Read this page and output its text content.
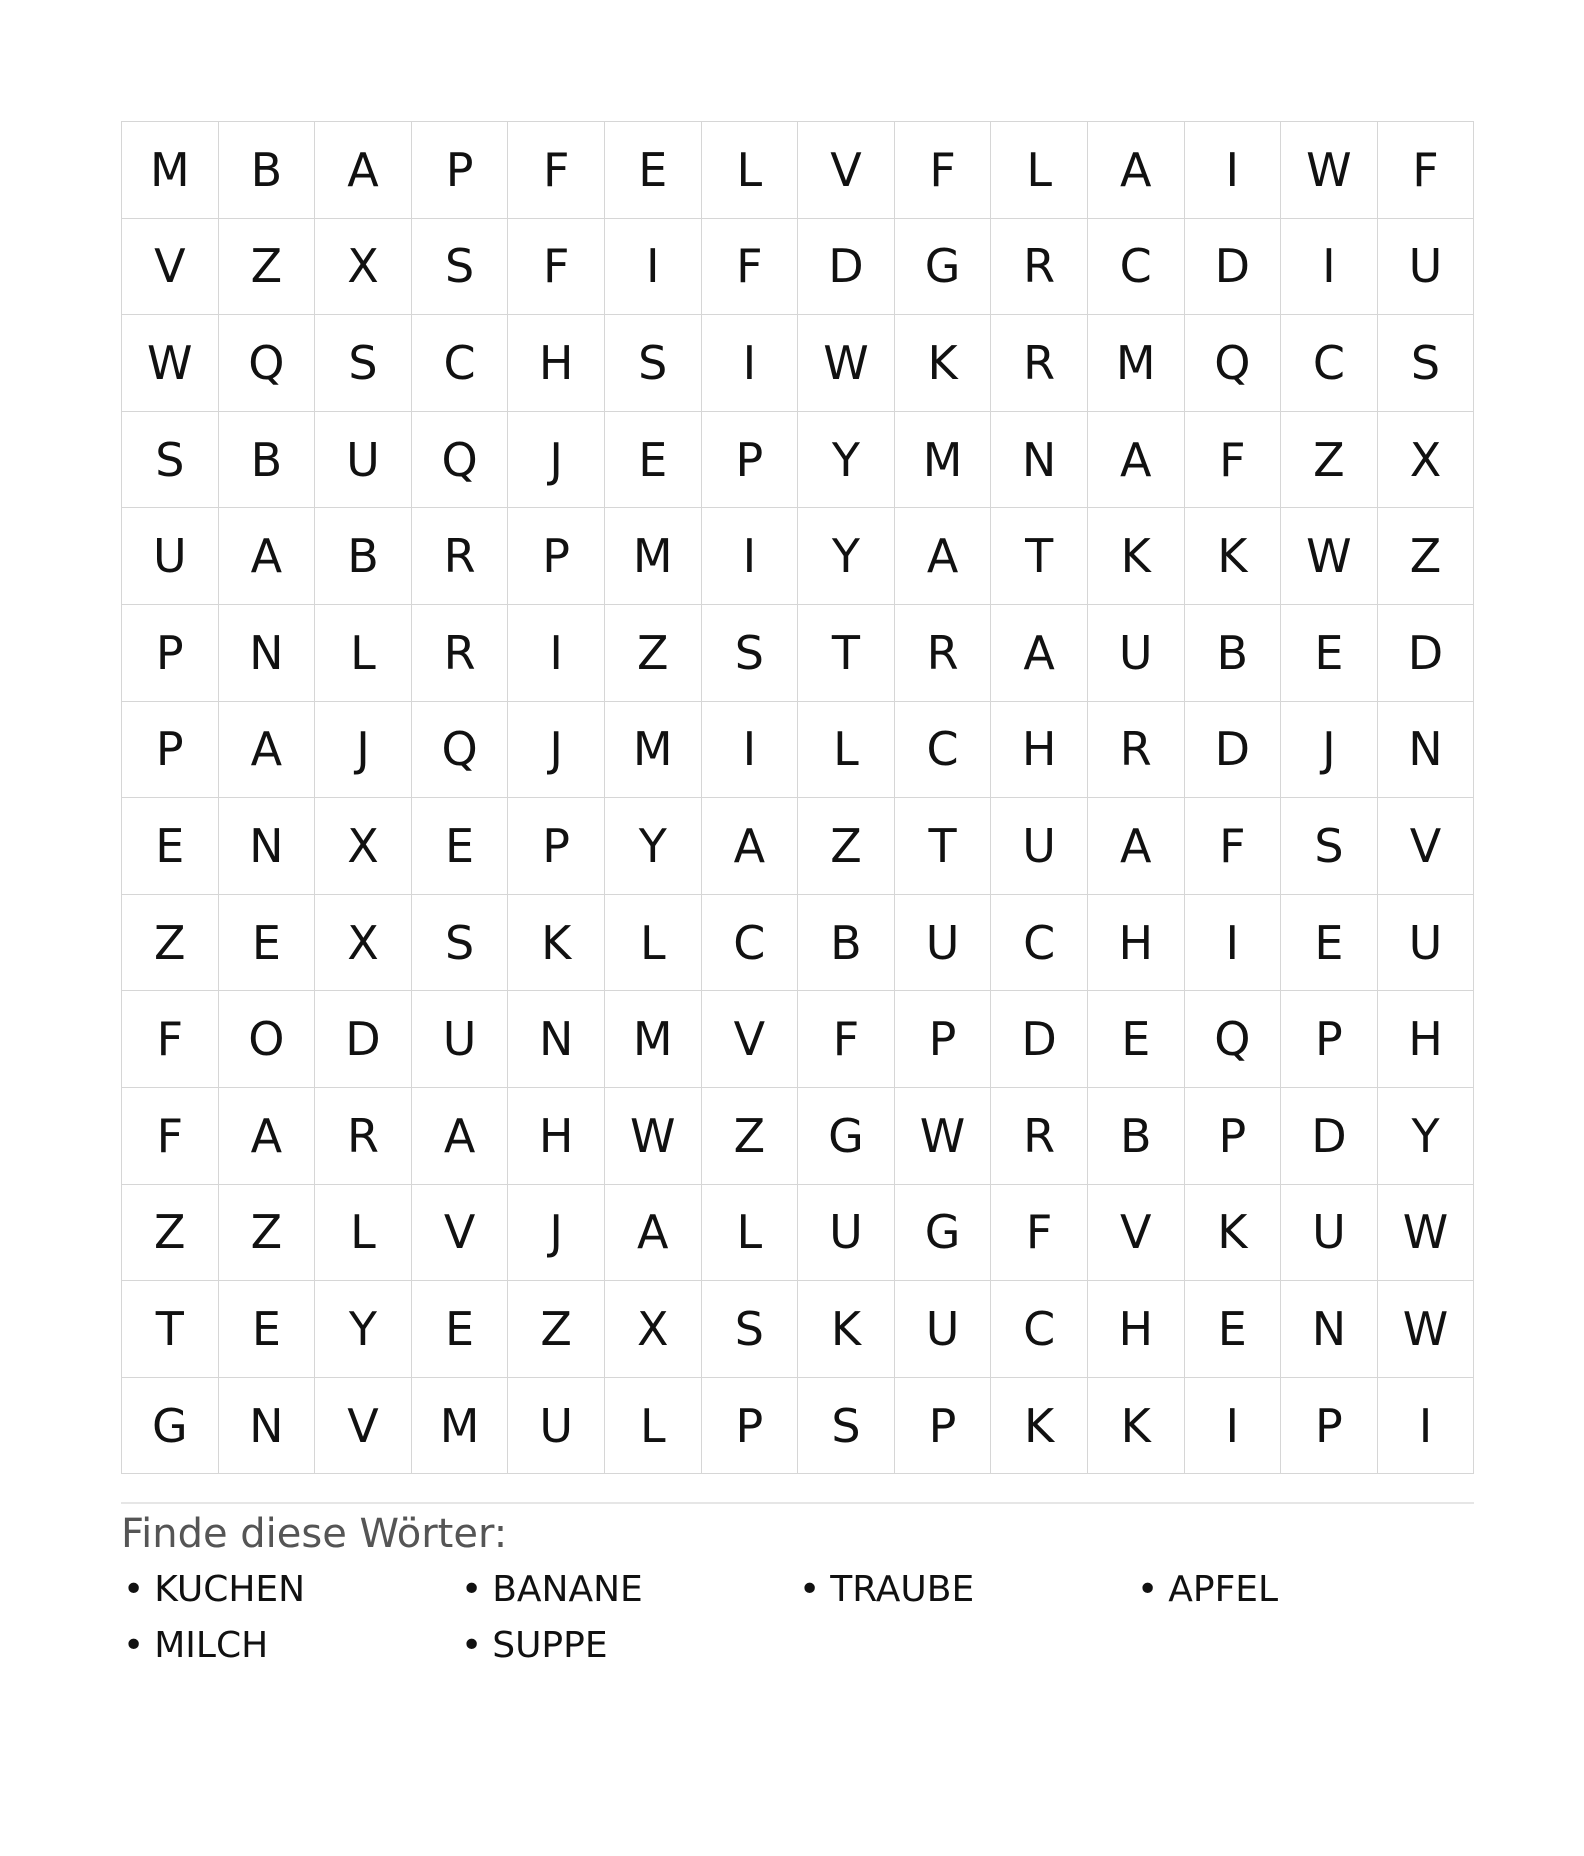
M	B	A	P	F	E	L	V	F	L	A	I	W	F
V	Z	X	S	F	I	F	D	G	R	C	D	I	U
W	Q	S	C	H	S	I	W	K	R	M	Q	C	S
S	B	U	Q	J	E	P	Y	M	N	A	F	Z	X
U	A	B	R	P	M	I	Y	A	T	K	K	W	Z
P	N	L	R	I	Z	S	T	R	A	U	B	E	D
P	A	J	Q	J	M	I	L	C	H	R	D	J	N
E	N	X	E	P	Y	A	Z	T	U	A	F	S	V
Z	E	X	S	K	L	C	B	U	C	H	I	E	U
F	O	D	U	N	M	V	F	P	D	E	Q	P	H
F	A	R	A	H	W	Z	G	W	R	B	P	D	Y
Z	Z	L	V	J	A	L	U	G	F	V	K	U	W
T	E	Y	E	Z	X	S	K	U	C	H	E	N	W
G	N	V	M	U	L	P	S	P	K	K	I	P	I
Finde diese Wörter:
• KUCHEN	• BANANE	• TRAUBE	• APFEL
• MILCH	• SUPPE
